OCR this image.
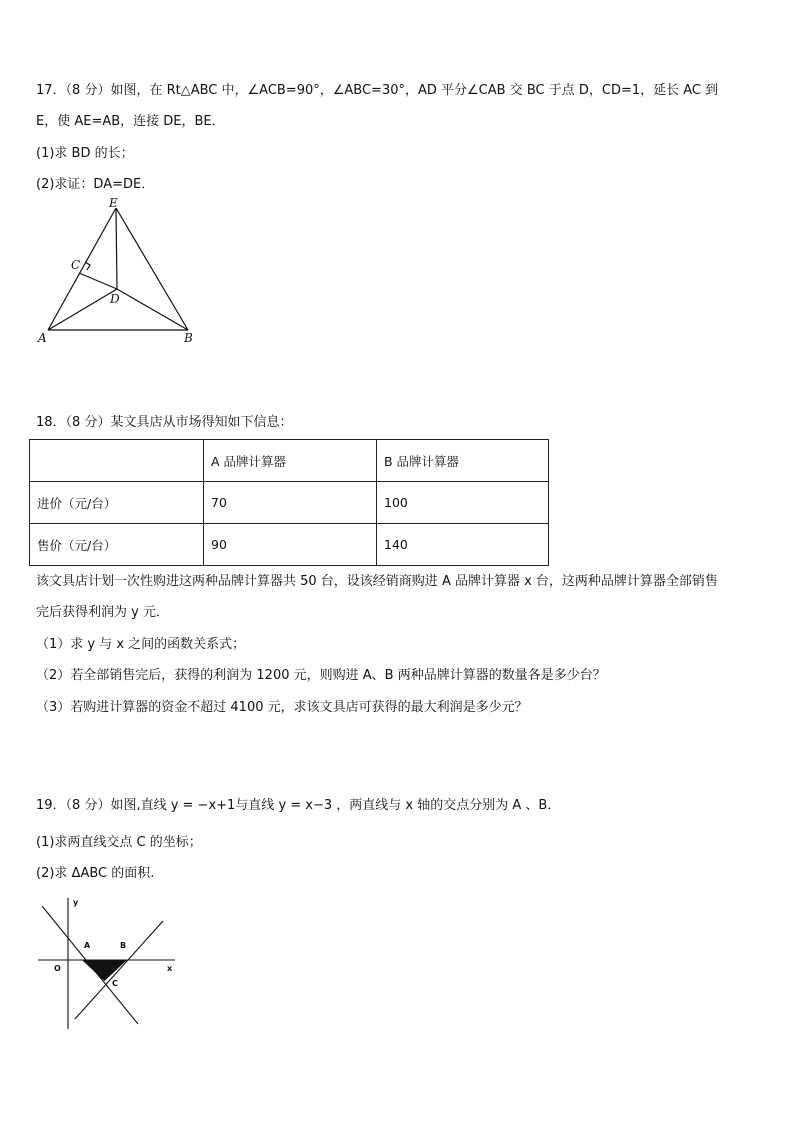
17．（8 分）如图，在 Rt△ABC 中，∠ACB=90°，∠ABC=30°，AD 平分∠CAB 交 BC 于点 D，CD=1，延长 AC 到
E，使 AE=AB，连接 DE，BE．
(1)求 BD 的长；
(2)求证：DA=DE．
E
C
D
A	B
18．（8 分）某文具店从市场得知如下信息：
	A 品牌计算器	B 品牌计算器
进价（元/台）	70	100
售价（元/台）	90	140
该文具店计划一次性购进这两种品牌计算器共 50 台，设该经销商购进 A 品牌计算器 x 台，这两种品牌计算器全部销售
完后获得利润为 y 元．
（1）求 y 与 x 之间的函数关系式；
（2）若全部销售完后，获得的利润为 1200 元，则购进 A、B 两种品牌计算器的数量各是多少台？
（3）若购进计算器的资金不超过 4100 元，求该文具店可获得的最大利润是多少元？
19．（8 分）如图,直线 y = −x+1与直线 y = x−3 ，两直线与 x 轴的交点分别为 A 、B．
(1)求两直线交点 C 的坐标；
(2)求 ΔABC 的面积.
y
A	B
O	x
C
